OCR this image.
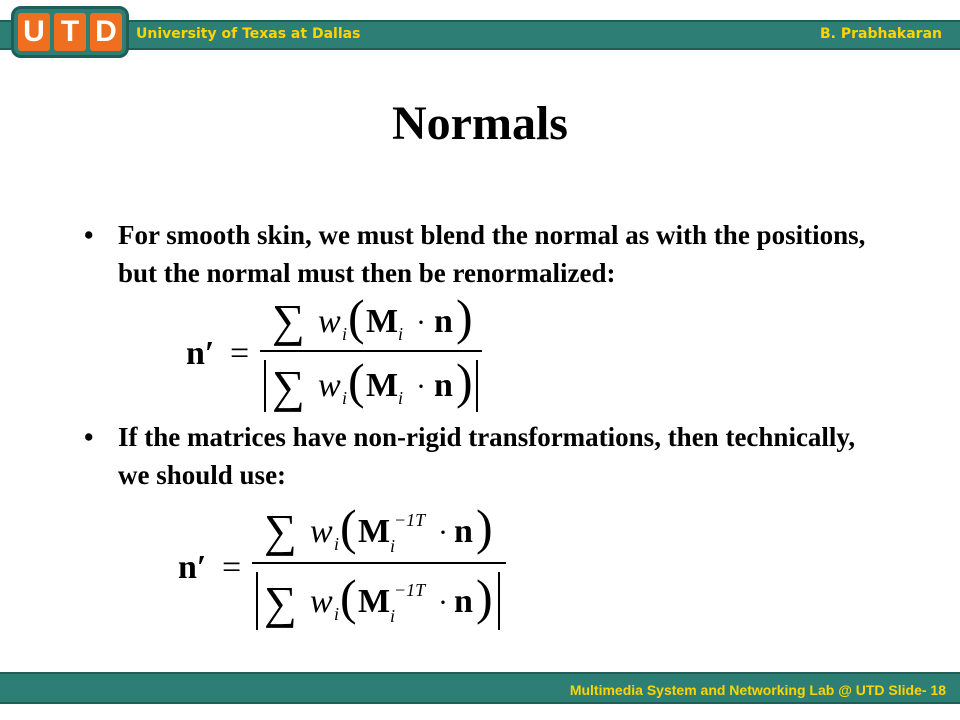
U T D	University of Texas at Dallas	B. Prabhakaran
Normals
• For smooth skin, we must blend the normal as with the positions, but the normal must then be renormalized:
n′ =
∑ w i ( M i · n )
∑ w i ( M i · n )
• If the matrices have non-rigid transformations, then technically, we should use:
n′ =
∑ w i ( M −1T
i · n )
∑ w i ( M −1T
i · n )
Multimedia System and Networking Lab @ UTD Slide- 18
